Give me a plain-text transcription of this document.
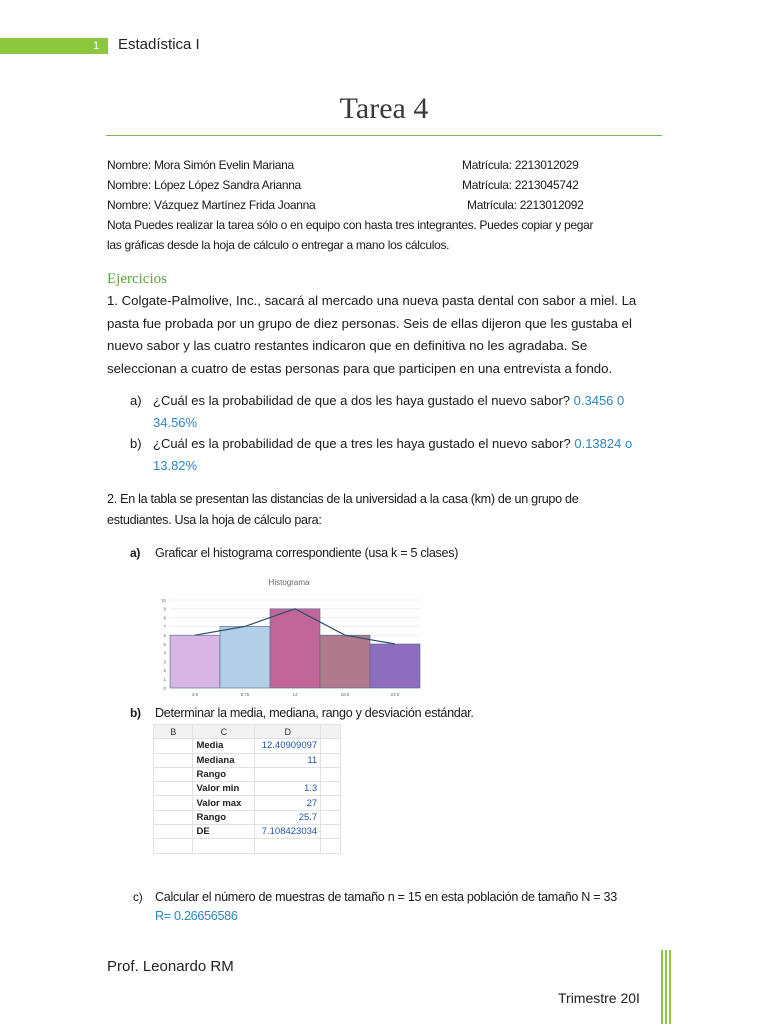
1	Estadística I
Tarea 4
Nombre: Mora Simón Evelin Mariana	Matrícula: 2213012029
Nombre: López López Sandra Arianna	Matrícula: 2213045742
Nombre: Vázquez Martínez Frida Joanna	Matrícula: 2213012092
Nota Puedes realizar la tarea sólo o en equipo con hasta tres integrantes. Puedes copiar y pegar
las gráficas desde la hoja de cálculo o entregar a mano los cálculos.
Ejercicios
1. Colgate-Palmolive, Inc., sacará al mercado una nueva pasta dental con sabor a miel. La
pasta fue probada por un grupo de diez personas. Seis de ellas dijeron que les gustaba el
nuevo sabor y las cuatro restantes indicaron que en definitiva no les agradaba. Se
seleccionan a cuatro de estas personas para que participen en una entrevista a fondo.
a) ¿Cuál es la probabilidad de que a dos les haya gustado el nuevo sabor? 0.3456 0
34.56%
b) ¿Cuál es la probabilidad de que a tres les haya gustado el nuevo sabor? 0.13824 o
13.82%
2. En la tabla se presentan las distancias de la universidad a la casa (km) de un grupo de
estudiantes. Usa la hoja de cálculo para:
a) Graficar el histograma correspondiente (usa k = 5 clases)
Histograma
0
1
2
3
4
5
6
7
8
9
10
3.9	8.75	14	18.5	23.5
b) Determinar la media, mediana, rango y desviación estándar.
B	C	D	
	Media	12.40909097	
	Mediana	11	
	Rango		
	Valor min	1.3	
	Valor max	27	
	Rango	25.7	
	DE	7.108423034	

c) Calcular el número de muestras de tamaño n = 15 en esta población de tamaño N = 33
R= 0.26656586
Prof. Leonardo RM
Trimestre 20I
